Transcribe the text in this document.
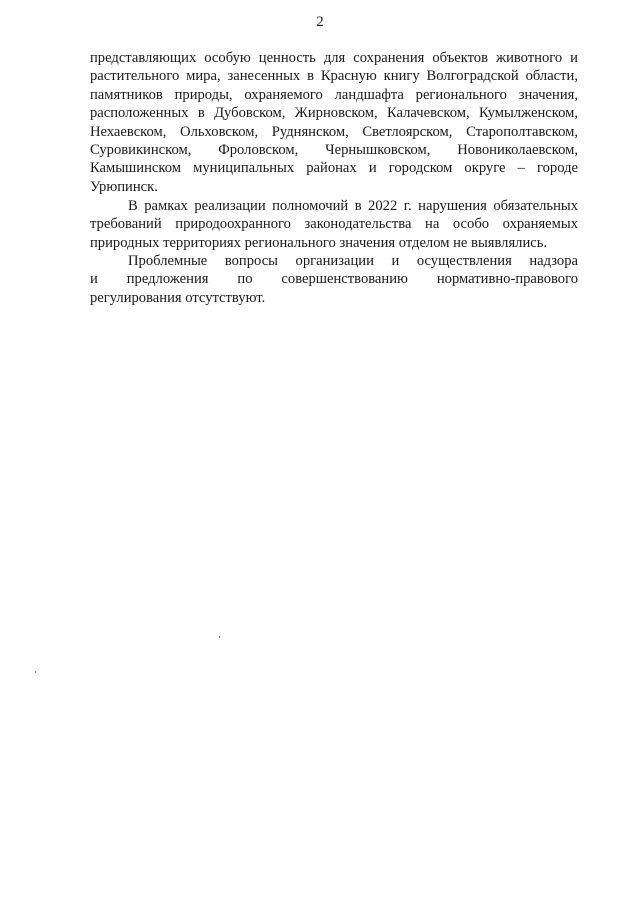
2
представляющих особую ценность для сохранения объектов животного и
растительного мира, занесенных в Красную книгу Волгоградской области,
памятников природы, охраняемого ландшафта регионального значения,
расположенных в Дубовском, Жирновском, Калачевском, Кумылженском,
Нехаевском, Ольховском, Руднянском, Светлоярском, Старополтавском,
Суровикинском, Фроловском, Чернышковском, Новониколаевском,
Камышинском муниципальных районах и городском округе – городе
Урюпинск.
В рамках реализации полномочий в 2022 г. нарушения обязательных
требований природоохранного законодательства на особо охраняемых
природных территориях регионального значения отделом не выявлялись.
Проблемные вопросы организации и осуществления надзора
и предложения по совершенствованию нормативно-правового
регулирования отсутствуют.
